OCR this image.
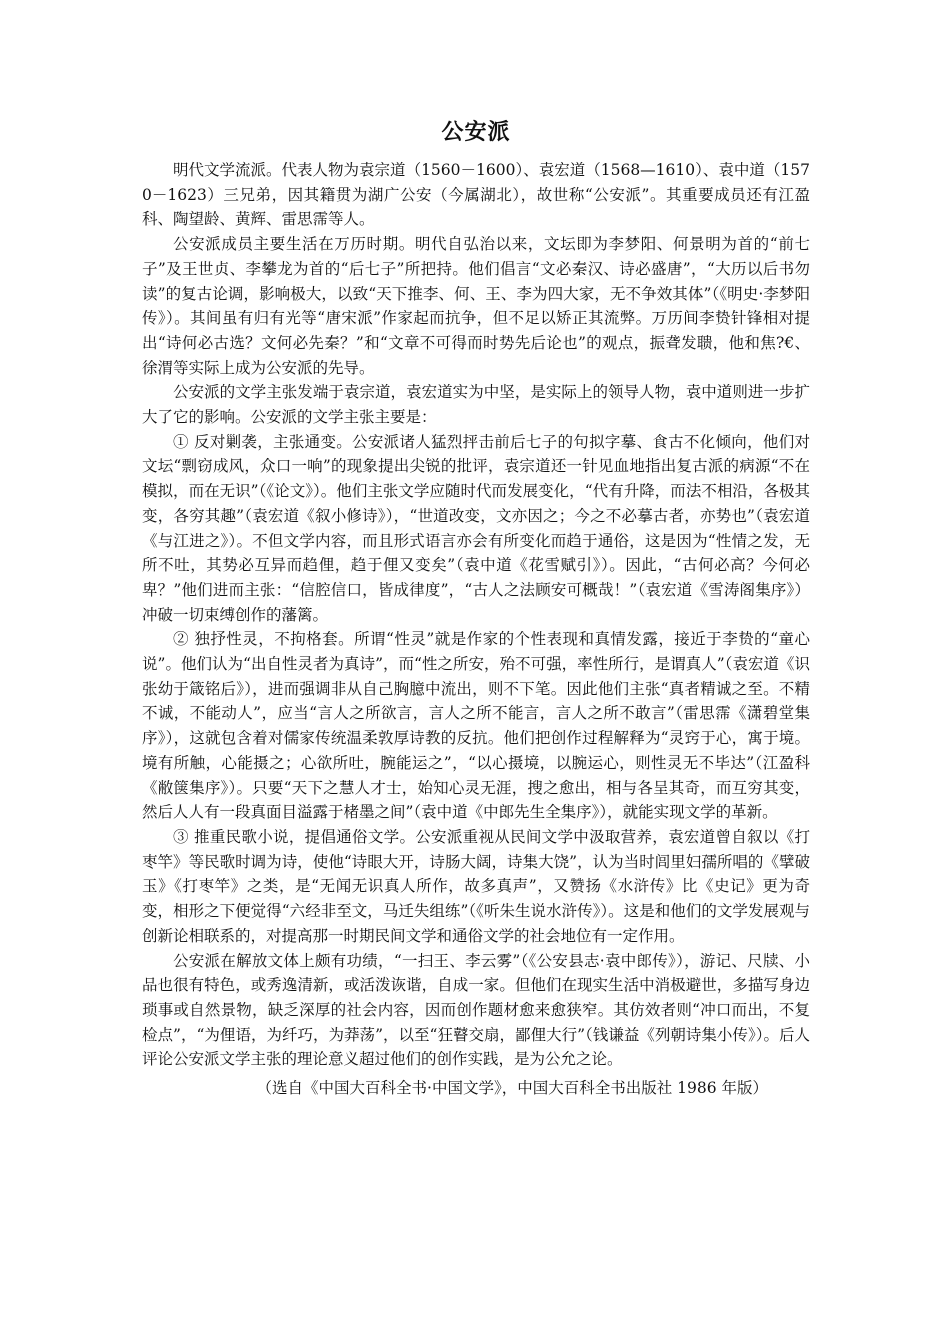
公安派

明代文学流派。代表人物为袁宗道（1560－1600）、袁宏道（1568—1610）、袁中道（1570－1623）三兄弟，因其籍贯为湖广公安（今属湖北），故世称“公安派”。其重要成员还有江盈科、陶望龄、黄辉、雷思霈等人。

公安派成员主要生活在万历时期。明代自弘治以来，文坛即为李梦阳、何景明为首的“前七子”及王世贞、李攀龙为首的“后七子”所把持。他们倡言“文必秦汉、诗必盛唐”，“大历以后书勿读”的复古论调，影响极大，以致“天下推李、何、王、李为四大家，无不争效其体”（《明史·李梦阳传》）。其间虽有归有光等“唐宋派”作家起而抗争，但不足以矫正其流弊。万历间李贽针锋相对提出“诗何必古选？文何必先秦？”和“文章不可得而时势先后论也”的观点，振聋发聩，他和焦?€、徐渭等实际上成为公安派的先导。

公安派的文学主张发端于袁宗道，袁宏道实为中坚，是实际上的领导人物，袁中道则进一步扩大了它的影响。公安派的文学主张主要是：

① 反对剿袭，主张通变。公安派诸人猛烈抨击前后七子的句拟字摹、食古不化倾向，他们对文坛“剽窃成风，众口一响”的现象提出尖锐的批评，袁宗道还一针见血地指出复古派的病源“不在模拟，而在无识”（《论文》）。他们主张文学应随时代而发展变化，“代有升降，而法不相沿，各极其变，各穷其趣”（袁宏道《叙小修诗》），“世道改变，文亦因之；今之不必摹古者，亦势也”（袁宏道《与江进之》）。不但文学内容，而且形式语言亦会有所变化而趋于通俗，这是因为“性情之发，无所不吐，其势必互异而趋俚，趋于俚又变矣”（袁中道《花雪赋引》）。因此，“古何必高？今何必卑？”他们进而主张：“信腔信口，皆成律度”，“古人之法顾安可概哉！”（袁宏道《雪涛阁集序》）冲破一切束缚创作的藩篱。

② 独抒性灵，不拘格套。所谓“性灵”就是作家的个性表现和真情发露，接近于李贽的“童心说”。他们认为“出自性灵者为真诗”，而“性之所安，殆不可强，率性所行，是谓真人”（袁宏道《识张幼于箴铭后》），进而强调非从自己胸臆中流出，则不下笔。因此他们主张“真者精诚之至。不精不诚，不能动人”，应当“言人之所欲言，言人之所不能言，言人之所不敢言”（雷思霈《潇碧堂集序》），这就包含着对儒家传统温柔敦厚诗教的反抗。他们把创作过程解释为“灵窍于心，寓于境。境有所触，心能摄之；心欲所吐，腕能运之”，“以心摄境，以腕运心，则性灵无不毕达”（江盈科《敝箧集序》）。只要“天下之慧人才士，始知心灵无涯，搜之愈出，相与各呈其奇，而互穷其变，然后人人有一段真面目溢露于楮墨之间”（袁中道《中郎先生全集序》），就能实现文学的革新。

③ 推重民歌小说，提倡通俗文学。公安派重视从民间文学中汲取营养，袁宏道曾自叙以《打枣竿》等民歌时调为诗，使他“诗眼大开，诗肠大阔，诗集大饶”，认为当时闾里妇孺所唱的《擘破玉》《打枣竿》之类，是“无闻无识真人所作，故多真声”，又赞扬《水浒传》比《史记》更为奇变，相形之下便觉得“六经非至文，马迁失组练”（《听朱生说水浒传》）。这是和他们的文学发展观与创新论相联系的，对提高那一时期民间文学和通俗文学的社会地位有一定作用。

公安派在解放文体上颇有功绩，“一扫王、李云雾”（《公安县志·袁中郎传》），游记、尺牍、小品也很有特色，或秀逸清新，或活泼诙谐，自成一家。但他们在现实生活中消极避世，多描写身边琐事或自然景物，缺乏深厚的社会内容，因而创作题材愈来愈狭窄。其仿效者则“冲口而出，不复检点”，“为俚语，为纤巧，为莽荡”，以至“狂瞽交扇，鄙俚大行”（钱谦益《列朝诗集小传》）。后人评论公安派文学主张的理论意义超过他们的创作实践，是为公允之论。

（选自《中国大百科全书·中国文学》，中国大百科全书出版社 1986 年版）
